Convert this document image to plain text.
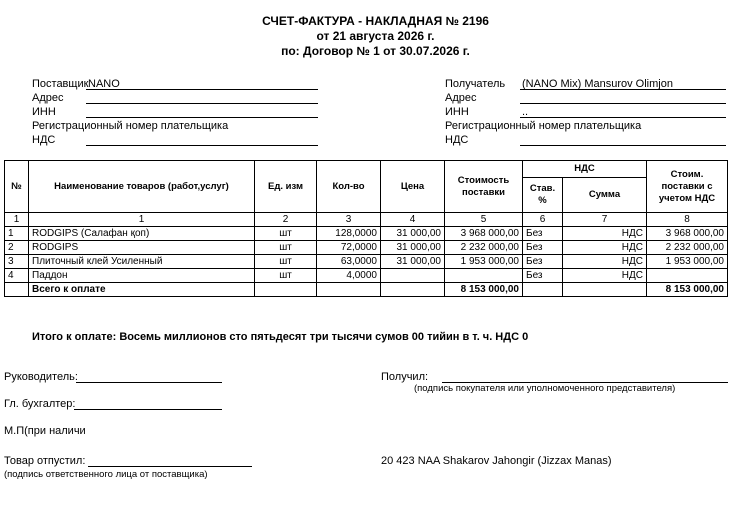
СЧЕТ-ФАКТУРА - НАКЛАДНАЯ № 2196
от 21 августа 2026 г.
по: Договор № 1 от 30.07.2026 г.
Поставщик NANO
Адрес
ИНН
Регистрационный номер плательщика
НДС
Получатель (NANO Mix) Mansurov Olimjon
Адрес
ИНН	..
Регистрационный номер плательщика
НДС
№	Наименование товаров (работ,услуг)	Ед. изм	Кол-во	Цена	Стоимость поставки	НДС		Стоим. поставки с учетом НДС
						Став. %	Сумма	
1	1	2	3	4	5	6	7	8
1	RODGIPS (Салафан қоп)	шт	128,0000	31 000,00	3 968 000,00	Без	НДС	3 968 000,00
2	RODGIPS	шт	72,0000	31 000,00	2 232 000,00	Без	НДС	2 232 000,00
3	Плиточный клей Усиленный	шт	63,0000	31 000,00	1 953 000,00	Без	НДС	1 953 000,00
4	Паддон	шт	4,0000			Без	НДС	
	Всего к оплате				8 153 000,00			8 153 000,00
Итого к оплате: Восемь миллионов сто пятьдесят три тысячи сумов 00 тийин в т. ч. НДС 0
Руководитель:
Гл. бухгалтер:
М.П(при наличи
Товар отпустил:
(подпись ответственного лица от поставщика)
Получил:
(подпись покупателя или уполномоченного представителя)
20 423 NAA Shakarov Jahongir (Jizzax Manas)
